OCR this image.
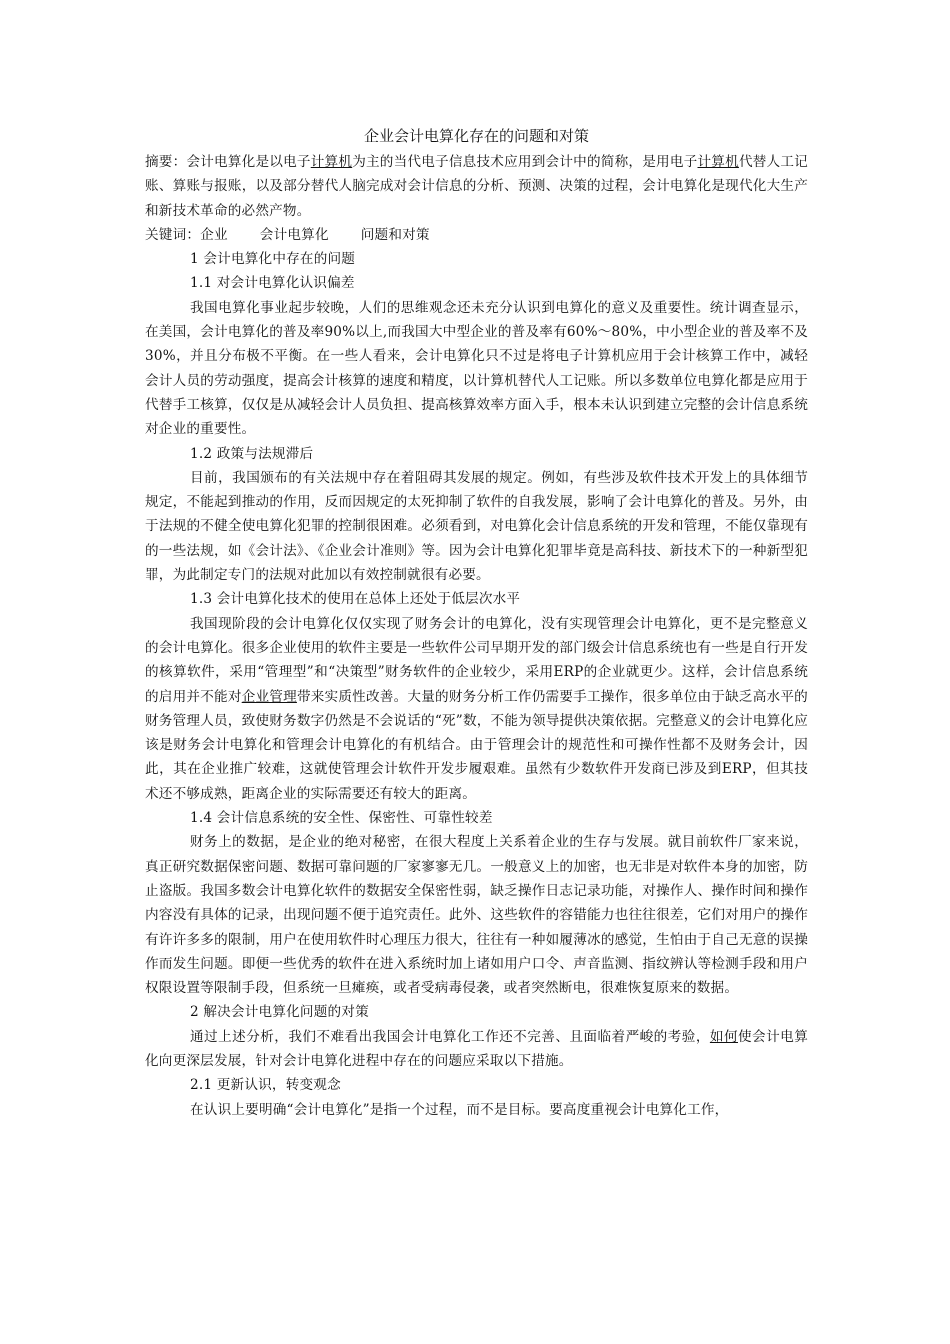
企业会计电算化存在的问题和对策

摘要：会计电算化是以电子计算机为主的当代电子信息技术应用到会计中的简称，是用电子计算机代替人工记账、算账与报账，以及部分替代人脑完成对会计信息的分析、预测、决策的过程，会计电算化是现代化大生产和新技术革命的必然产物。

关键词：企业 会计电算化 问题和对策

1 会计电算化中存在的问题

1.1 对会计电算化认识偏差

我国电算化事业起步较晚，人们的思维观念还未充分认识到电算化的意义及重要性。统计调查显示，在美国，会计电算化的普及率90%以上,而我国大中型企业的普及率有60%～80%，中小型企业的普及率不及30%，并且分布极不平衡。在一些人看来，会计电算化只不过是将电子计算机应用于会计核算工作中，减轻会计人员的劳动强度，提高会计核算的速度和精度，以计算机替代人工记账。所以多数单位电算化都是应用于代替手工核算，仅仅是从减轻会计人员负担、提高核算效率方面入手，根本未认识到建立完整的会计信息系统对企业的重要性。

1.2 政策与法规滞后

目前，我国颁布的有关法规中存在着阻碍其发展的规定。例如，有些涉及软件技术开发上的具体细节规定，不能起到推动的作用，反而因规定的太死抑制了软件的自我发展，影响了会计电算化的普及。另外，由于法规的不健全使电算化犯罪的控制很困难。必须看到，对电算化会计信息系统的开发和管理，不能仅靠现有的一些法规，如《会计法》、《企业会计准则》等。因为会计电算化犯罪毕竟是高科技、新技术下的一种新型犯罪，为此制定专门的法规对此加以有效控制就很有必要。

1.3 会计电算化技术的使用在总体上还处于低层次水平

我国现阶段的会计电算化仅仅实现了财务会计的电算化，没有实现管理会计电算化，更不是完整意义的会计电算化。很多企业使用的软件主要是一些软件公司早期开发的部门级会计信息系统也有一些是自行开发的核算软件，采用“管理型”和“决策型”财务软件的企业较少，采用ERP的企业就更少。这样，会计信息系统的启用并不能对企业管理带来实质性改善。大量的财务分析工作仍需要手工操作，很多单位由于缺乏高水平的财务管理人员，致使财务数字仍然是不会说话的“死”数，不能为领导提供决策依据。完整意义的会计电算化应该是财务会计电算化和管理会计电算化的有机结合。由于管理会计的规范性和可操作性都不及财务会计，因此，其在企业推广较难，这就使管理会计软件开发步履艰难。虽然有少数软件开发商已涉及到ERP，但其技术还不够成熟，距离企业的实际需要还有较大的距离。

1.4 会计信息系统的安全性、保密性、可靠性较差

财务上的数据，是企业的绝对秘密，在很大程度上关系着企业的生存与发展。就目前软件厂家来说，真正研究数据保密问题、数据可靠问题的厂家寥寥无几。一般意义上的加密，也无非是对软件本身的加密，防止盗版。我国多数会计电算化软件的数据安全保密性弱，缺乏操作日志记录功能，对操作人、操作时间和操作内容没有具体的记录，出现问题不便于追究责任。此外、这些软件的容错能力也往往很差，它们对用户的操作有许许多多的限制，用户在使用软件时心理压力很大，往往有一种如履薄冰的感觉，生怕由于自己无意的误操作而发生问题。即便一些优秀的软件在进入系统时加上诸如用户口令、声音监测、指纹辨认等检测手段和用户权限设置等限制手段，但系统一旦瘫痪，或者受病毒侵袭，或者突然断电，很难恢复原来的数据。

2 解决会计电算化问题的对策

通过上述分析，我们不难看出我国会计电算化工作还不完善、且面临着严峻的考验，如何使会计电算化向更深层发展，针对会计电算化进程中存在的问题应采取以下措施。

2.1 更新认识，转变观念

在认识上要明确“会计电算化”是指一个过程，而不是目标。要高度重视会计电算化工作，
